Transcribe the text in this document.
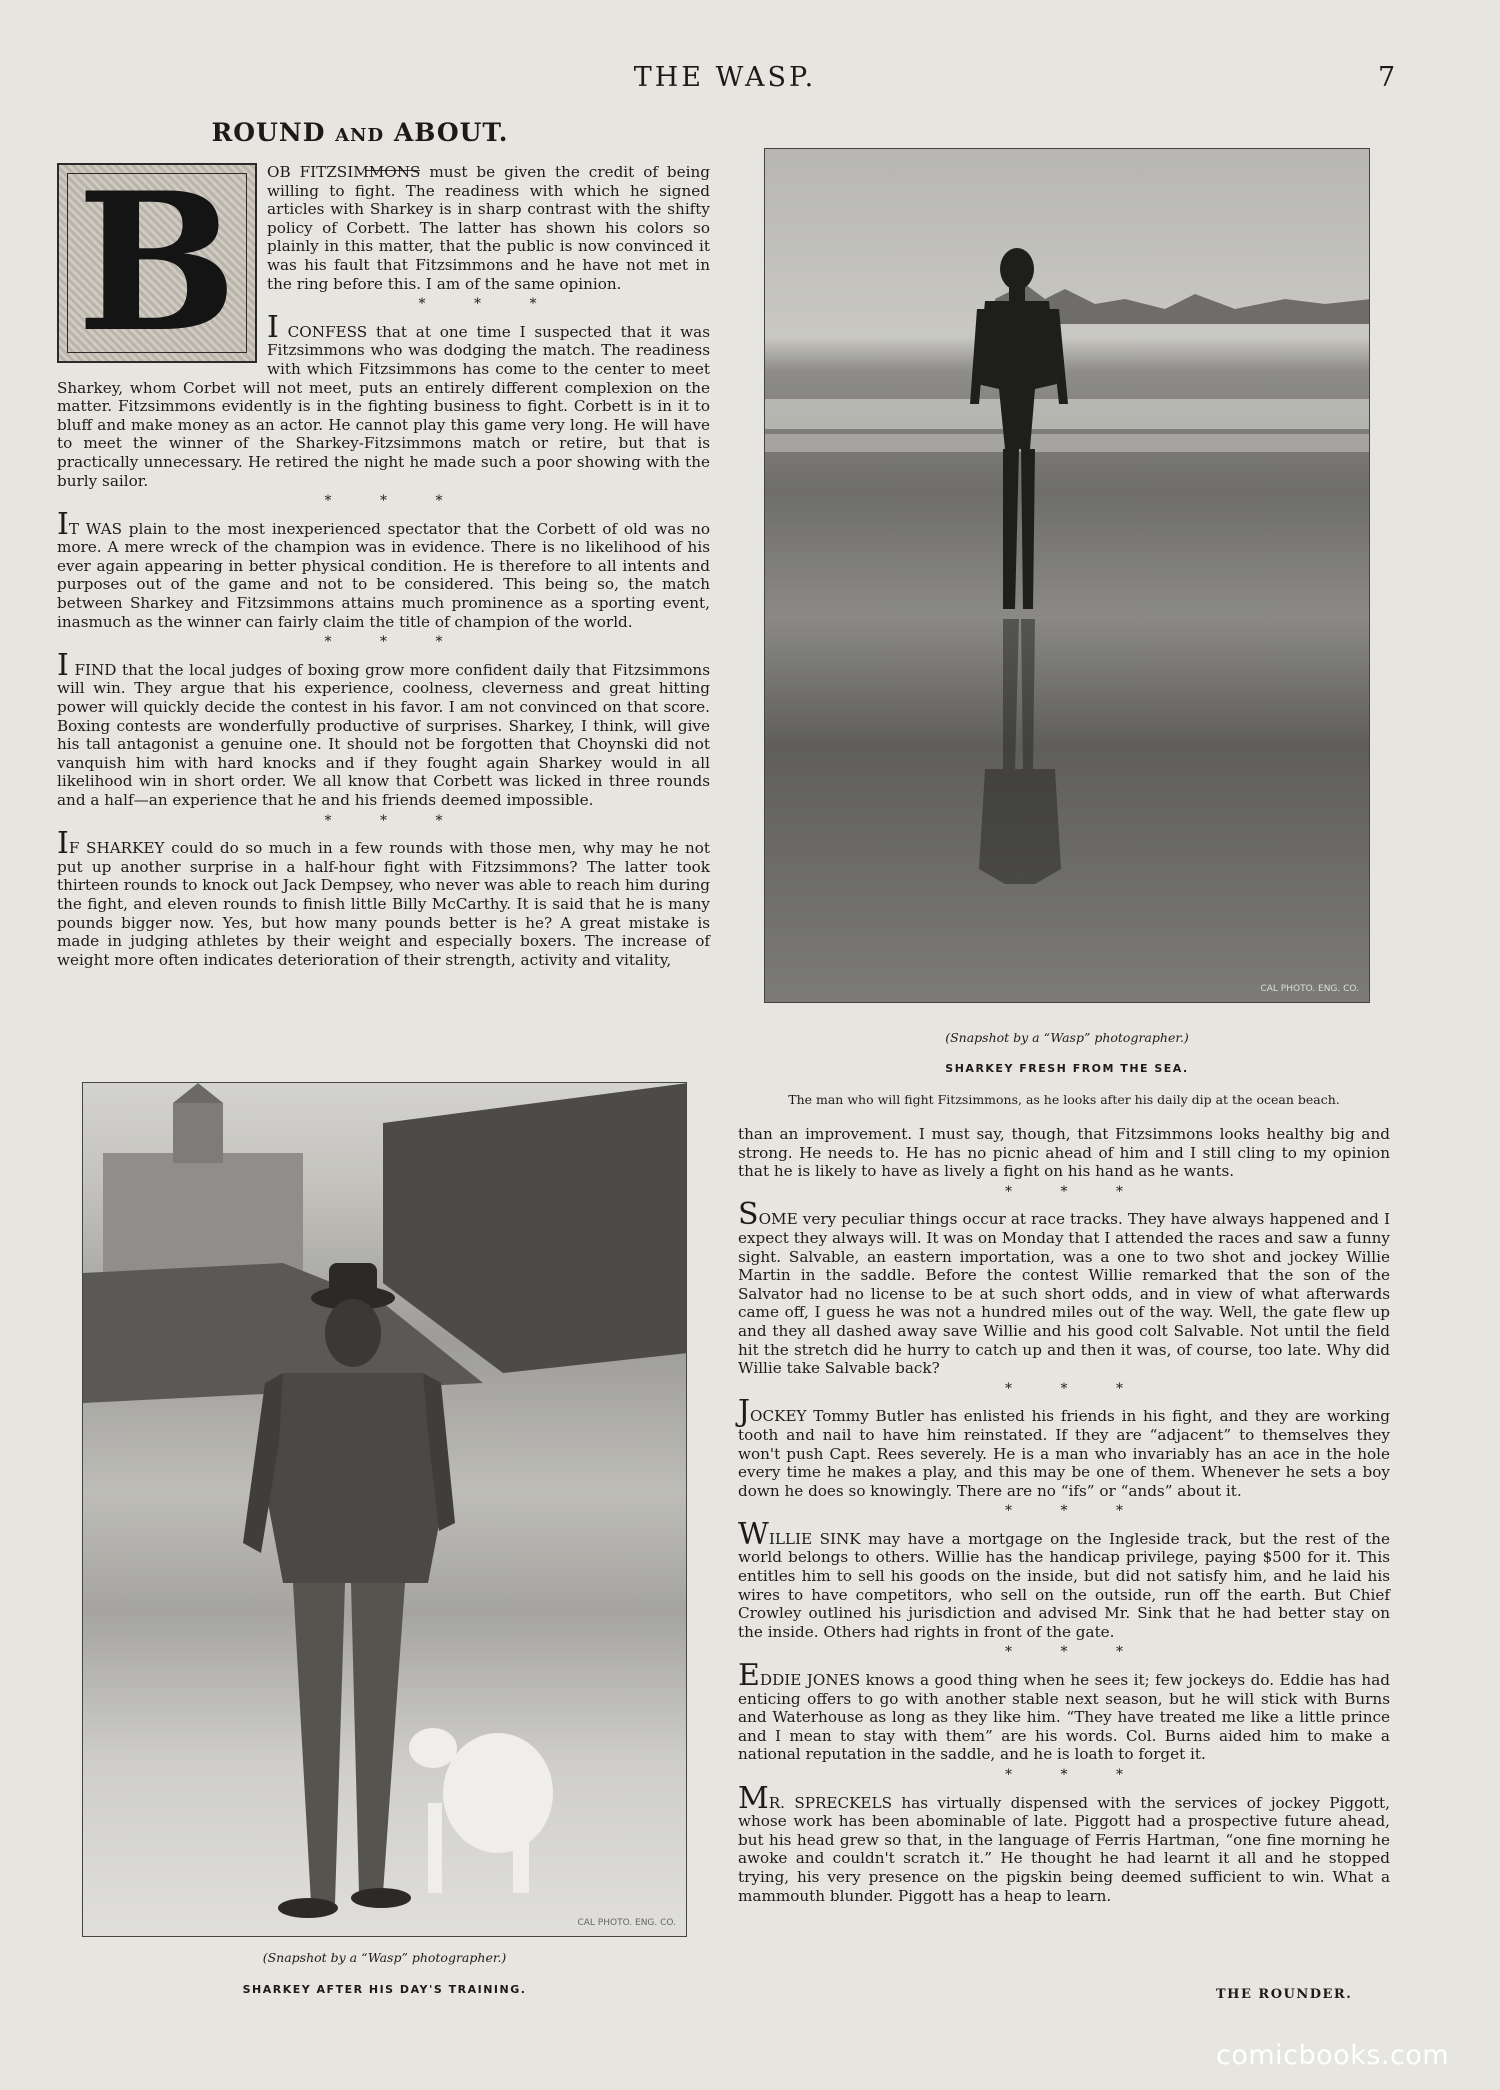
THE WASP.	7
ROUND AND ABOUT.
B	OB FITZSIMMONS must be given the credit of being willing to fight. The readiness with which he signed articles with Sharkey is in sharp contrast with the shifty policy of Corbett. The latter has shown his colors so plainly in this matter, that the public is now convinced it was his fault that Fitzsimmons and he have not met in the ring before this. I am of the same opinion.

* * *

I CONFESS that at one time I suspected that it was Fitzsimmons who was dodging the match. The readiness with which Fitzsimmons has come to the center to meet Sharkey, whom Corbet will not meet, puts an entirely different complexion on the matter. Fitzsimmons evidently is in the fighting business to fight. Corbett is in it to bluff and make money as an actor. He cannot play this game very long. He will have to meet the winner of the Sharkey-Fitzsimmons match or retire, but that is practically unnecessary. He retired the night he made such a poor showing with the burly sailor.

* * *

IT WAS plain to the most inexperienced spectator that the Corbett of old was no more. A mere wreck of the champion was in evidence. There is no likelihood of his ever again appearing in better physical condition. He is therefore to all intents and purposes out of the game and not to be considered. This being so, the match between Sharkey and Fitzsimmons attains much prominence as a sporting event, inasmuch as the winner can fairly claim the title of champion of the world.

* * *

I FIND that the local judges of boxing grow more confident daily that Fitzsimmons will win. They argue that his experience, coolness, cleverness and great hitting power will quickly decide the contest in his favor. I am not convinced on that score. Boxing contests are wonderfully productive of surprises. Sharkey, I think, will give his tall antagonist a genuine one. It should not be forgotten that Choynski did not vanquish him with hard knocks and if they fought again Sharkey would in all likelihood win in short order. We all know that Corbett was licked in three rounds and a half—an experience that he and his friends deemed impossible.

* * *

IF SHARKEY could do so much in a few rounds with those men, why may he not put up another surprise in a half-hour fight with Fitzsimmons? The latter took thirteen rounds to knock out Jack Dempsey, who never was able to reach him during the fight, and eleven rounds to finish little Billy McCarthy. It is said that he is many pounds bigger now. Yes, but how many pounds better is he? A great mistake is made in judging athletes by their weight and especially boxers. The increase of weight more often indicates deterioration of their strength, activity and vitality,

CAL PHOTO. ENG. CO.
(Snapshot by a “Wasp” photographer.)
SHARKEY FRESH FROM THE SEA.
The man who will fight Fitzsimmons, as he looks after his daily dip at the ocean beach.
CAL PHOTO. ENG. CO.
(Snapshot by a “Wasp” photographer.)
SHARKEY AFTER HIS DAY'S TRAINING.

than an improvement. I must say, though, that Fitzsimmons looks healthy big and strong. He needs to. He has no picnic ahead of him and I still cling to my opinion that he is likely to have as lively a fight on his hand as he wants.

* * *

SOME very peculiar things occur at race tracks. They have always happened and I expect they always will. It was on Monday that I attended the races and saw a funny sight. Salvable, an eastern importation, was a one to two shot and jockey Willie Martin in the saddle. Before the contest Willie remarked that the son of the Salvator had no license to be at such short odds, and in view of what afterwards came off, I guess he was not a hundred miles out of the way. Well, the gate flew up and they all dashed away save Willie and his good colt Salvable. Not until the field hit the stretch did he hurry to catch up and then it was, of course, too late. Why did Willie take Salvable back?

* * *

JOCKEY Tommy Butler has enlisted his friends in his fight, and they are working tooth and nail to have him reinstated. If they are “adjacent” to themselves they won't push Capt. Rees severely. He is a man who invariably has an ace in the hole every time he makes a play, and this may be one of them. Whenever he sets a boy down he does so knowingly. There are no “ifs” or “ands” about it.

* * *

WILLIE SINK may have a mortgage on the Ingleside track, but the rest of the world belongs to others. Willie has the handicap privilege, paying $500 for it. This entitles him to sell his goods on the inside, but did not satisfy him, and he laid his wires to have competitors, who sell on the outside, run off the earth. But Chief Crowley outlined his jurisdiction and advised Mr. Sink that he had better stay on the inside. Others had rights in front of the gate.

* * *

EDDIE JONES knows a good thing when he sees it; few jockeys do. Eddie has had enticing offers to go with another stable next season, but he will stick with Burns and Waterhouse as long as they like him. “They have treated me like a little prince and I mean to stay with them” are his words. Col. Burns aided him to make a national reputation in the saddle, and he is loath to forget it.

* * *

MR. SPRECKELS has virtually dispensed with the services of jockey Piggott, whose work has been abominable of late. Piggott had a prospective future ahead, but his head grew so that, in the language of Ferris Hartman, “one fine morning he awoke and couldn't scratch it.” He thought he had learnt it all and he stopped trying, his very presence on the pigskin being deemed sufficient to win. What a mammouth blunder. Piggott has a heap to learn.

THE ROUNDER.
comicbooks.com
